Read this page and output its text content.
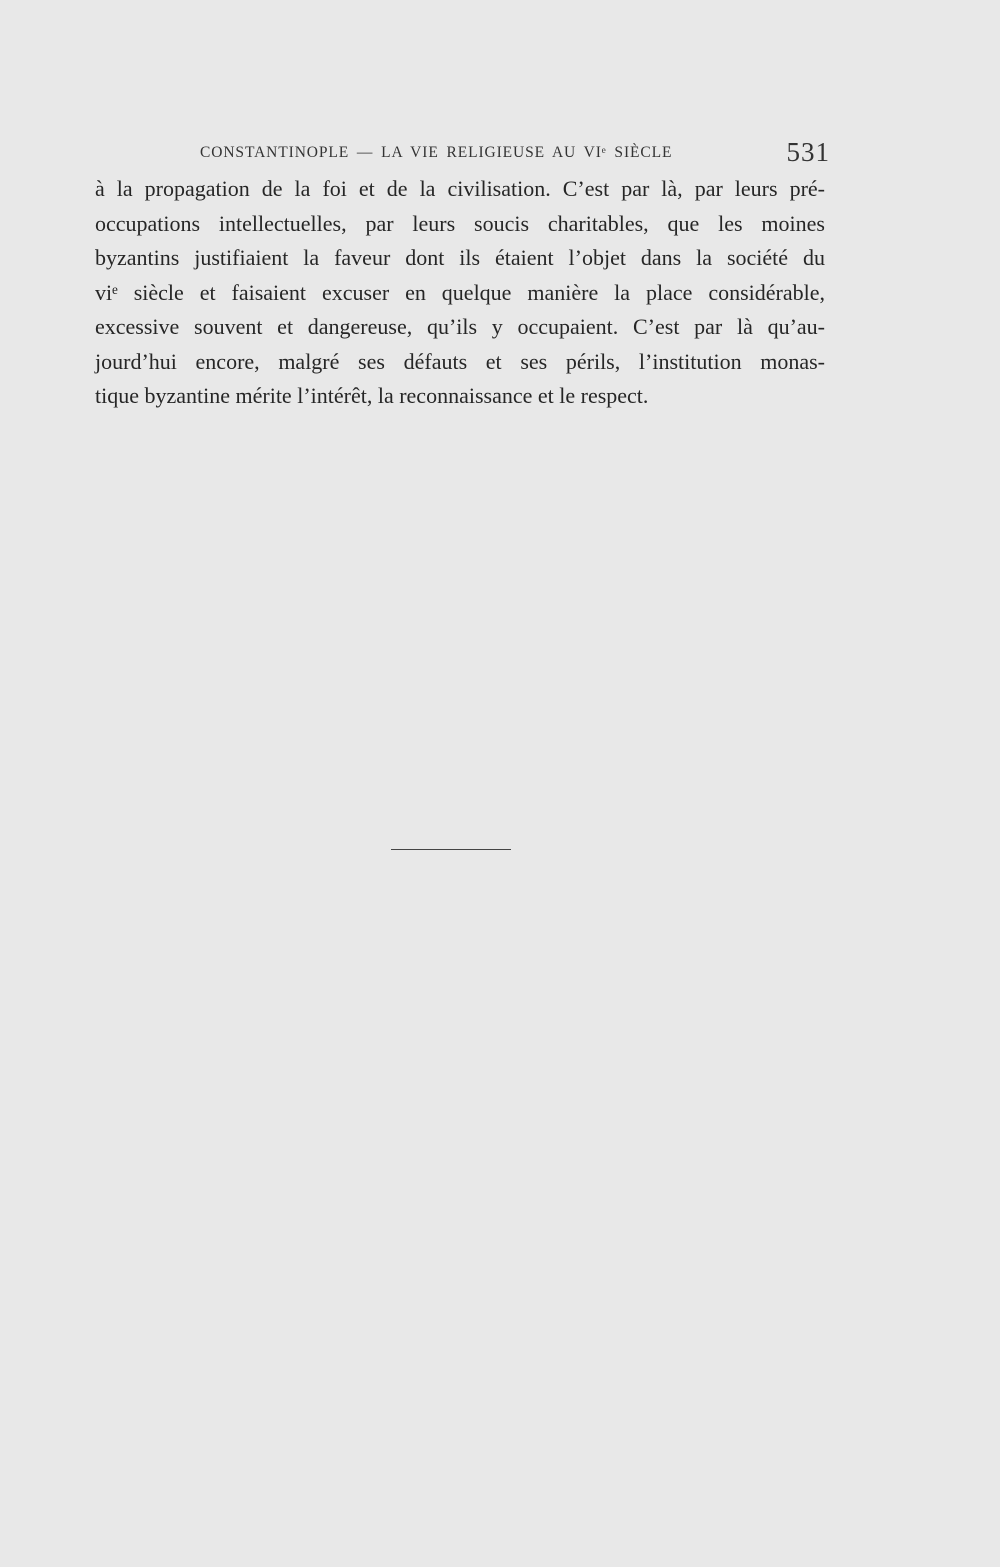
CONSTANTINOPLE — LA VIE RELIGIEUSE AU VIᵉ SIÈCLE	531
à la propagation de la foi et de la civilisation. C’est par là, par leurs pré-
occupations intellectuelles, par leurs soucis charitables, que les moines
byzantins justifiaient la faveur dont ils étaient l’objet dans la société du
viᵉ siècle et faisaient excuser en quelque manière la place considérable,
excessive souvent et dangereuse, qu’ils y occupaient. C’est par là qu’au-
jourd’hui encore, malgré ses défauts et ses périls, l’institution monas-
tique byzantine mérite l’intérêt, la reconnaissance et le respect.
